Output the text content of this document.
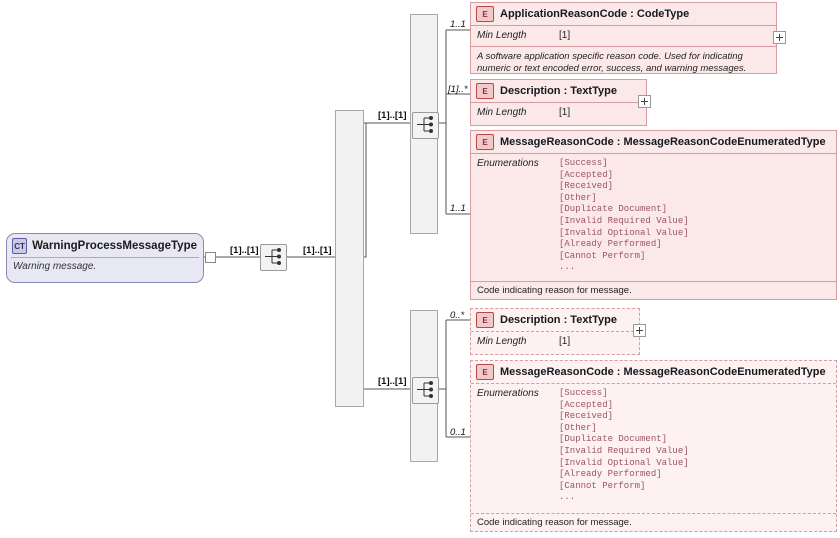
CT WarningProcessMessageType
Warning message.
[1]..[1]	[1]..[1]
[1]..[1]
[1]..[1]
1..1
[1]..*
1..1
0..*
0..1
E	ApplicationReasonCode : CodeType
Min Length	[1]
A software application specific reason code. Used for indicating numeric or text encoded error, success, and warning messages.
E	Description : TextType
Min Length	[1]
E	MessageReasonCode : MessageReasonCodeEnumeratedType
Enumerations	[Success]
[Accepted]
[Received]
[Other]
[Duplicate Document]
[Invalid Required Value]
[Invalid Optional Value]
[Already Performed]
[Cannot Perform]
...
Code indicating reason for message.
E	Description : TextType
Min Length	[1]
E	MessageReasonCode : MessageReasonCodeEnumeratedType
Enumerations	[Success]
[Accepted]
[Received]
[Other]
[Duplicate Document]
[Invalid Required Value]
[Invalid Optional Value]
[Already Performed]
[Cannot Perform]
...
Code indicating reason for message.
